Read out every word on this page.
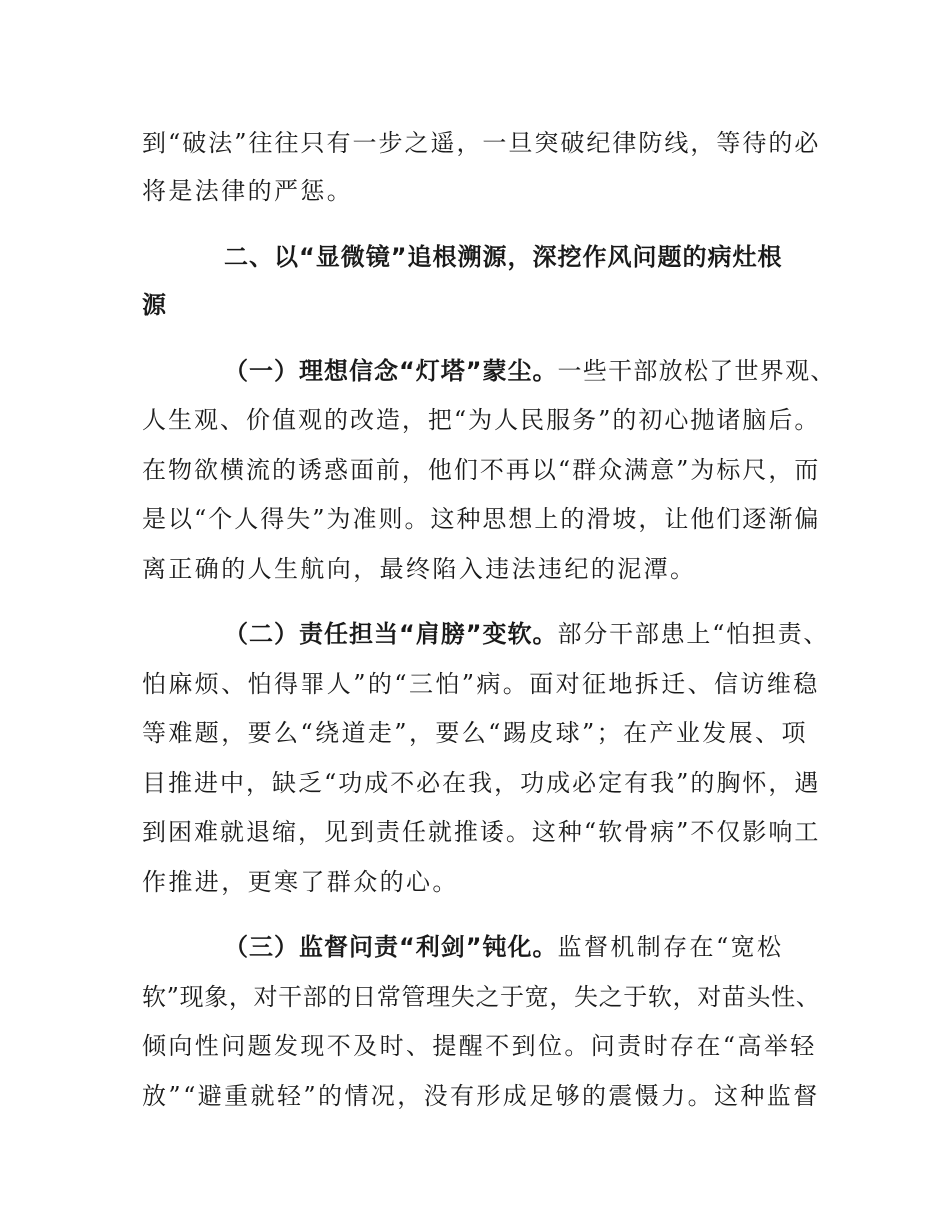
到“破法”往往只有一步之遥，一旦突破纪律防线，等待的必

将是法律的严惩。

二、以“显微镜”追根溯源，深挖作风问题的病灶根

源

（一）理想信念“灯塔”蒙尘。一些干部放松了世界观、

人生观、价值观的改造，把“为人民服务”的初心抛诸脑后。

在物欲横流的诱惑面前，他们不再以“群众满意”为标尺，而

是以“个人得失”为准则。这种思想上的滑坡，让他们逐渐偏

离正确的人生航向，最终陷入违法违纪的泥潭。

（二）责任担当“肩膀”变软。部分干部患上“怕担责、

怕麻烦、怕得罪人”的“三怕”病。面对征地拆迁、信访维稳

等难题，要么“绕道走”，要么“踢皮球”；在产业发展、项

目推进中，缺乏“功成不必在我，功成必定有我”的胸怀，遇

到困难就退缩，见到责任就推诿。这种“软骨病”不仅影响工

作推进，更寒了群众的心。

（三）监督问责“利剑”钝化。监督机制存在“宽松

软”现象，对干部的日常管理失之于宽，失之于软，对苗头性、

倾向性问题发现不及时、提醒不到位。问责时存在“高举轻

放”“避重就轻”的情况，没有形成足够的震慑力。这种监督
